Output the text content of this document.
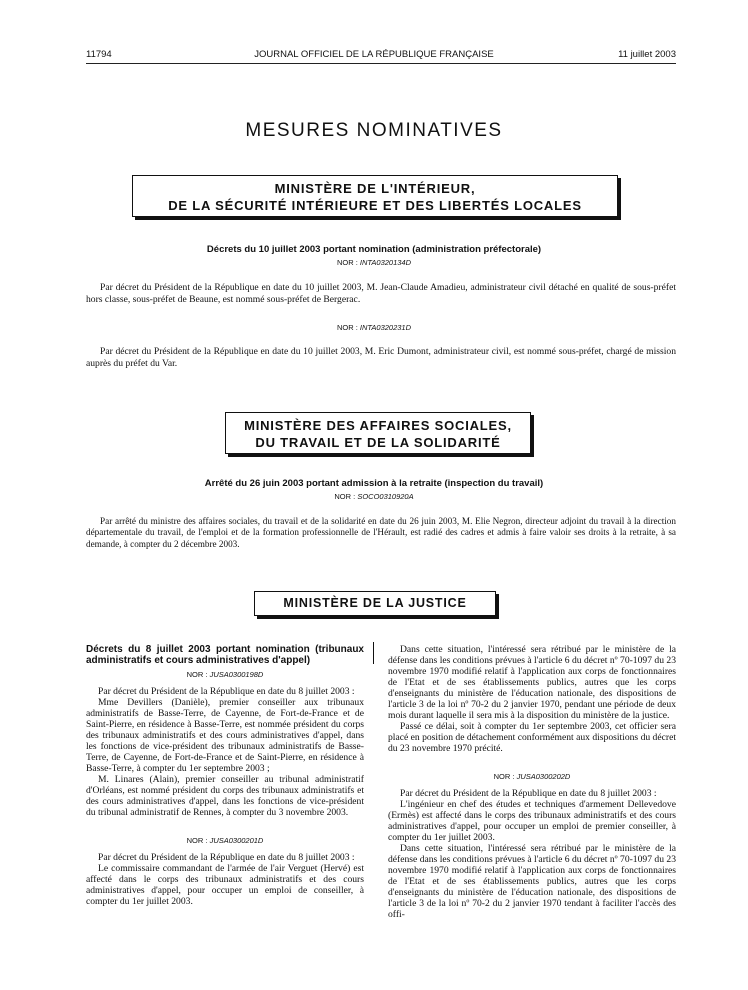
11794	JOURNAL OFFICIEL DE LA RÉPUBLIQUE FRANÇAISE	11 juillet 2003
MESURES NOMINATIVES
MINISTÈRE DE L'INTÉRIEUR,
DE LA SÉCURITÉ INTÉRIEURE ET DES LIBERTÉS LOCALES
Décrets du 10 juillet 2003 portant nomination (administration préfectorale)
NOR : INTA0320134D

Par décret du Président de la République en date du 10 juillet 2003, M. Jean-Claude Amadieu, administrateur civil détaché en qualité de sous-préfet hors classe, sous-préfet de Beaune, est nommé sous-préfet de Bergerac.

NOR : INTA0320231D

Par décret du Président de la République en date du 10 juillet 2003, M. Eric Dumont, administrateur civil, est nommé sous-préfet, chargé de mission auprès du préfet du Var.

MINISTÈRE DES AFFAIRES SOCIALES,
DU TRAVAIL ET DE LA SOLIDARITÉ
Arrêté du 26 juin 2003 portant admission à la retraite (inspection du travail)
NOR : SOCO0310920A

Par arrêté du ministre des affaires sociales, du travail et de la solidarité en date du 26 juin 2003, M. Elie Negron, directeur adjoint du travail à la direction départementale du travail, de l'emploi et de la formation professionnelle de l'Hérault, est radié des cadres et admis à faire valoir ses droits à la retraite, à sa demande, à compter du 2 décembre 2003.

MINISTÈRE DE LA JUSTICE

Décrets du 8 juillet 2003 portant nomination (tribunaux administratifs et cours administratives d'appel)

NOR : JUSA0300198D

Par décret du Président de la République en date du 8 juillet 2003 :

Mme Devillers (Danièle), premier conseiller aux tribunaux administratifs de Basse-Terre, de Cayenne, de Fort-de-France et de Saint-Pierre, en résidence à Basse-Terre, est nommée président du corps des tribunaux administratifs et des cours administratives d'appel, dans les fonctions de vice-président des tribunaux administratifs de Basse-Terre, de Cayenne, de Fort-de-France et de Saint-Pierre, en résidence à Basse-Terre, à compter du 1er septembre 2003 ;

M. Linares (Alain), premier conseiller au tribunal administratif d'Orléans, est nommé président du corps des tribunaux administratifs et des cours administratives d'appel, dans les fonctions de vice-président du tribunal administratif de Rennes, à compter du 3 novembre 2003.

NOR : JUSA0300201D

Par décret du Président de la République en date du 8 juillet 2003 :

Le commissaire commandant de l'armée de l'air Verguet (Hervé) est affecté dans le corps des tribunaux administratifs et des cours administratives d'appel, pour occuper un emploi de conseiller, à compter du 1er juillet 2003.

Dans cette situation, l'intéressé sera rétribué par le ministère de la défense dans les conditions prévues à l'article 6 du décret nº 70-1097 du 23 novembre 1970 modifié relatif à l'application aux corps de fonctionnaires de l'Etat et de ses établissements publics, autres que les corps d'enseignants du ministère de l'éducation nationale, des dispositions de l'article 3 de la loi nº 70-2 du 2 janvier 1970, pendant une période de deux mois durant laquelle il sera mis à la disposition du ministère de la justice.

Passé ce délai, soit à compter du 1er septembre 2003, cet officier sera placé en position de détachement conformément aux dispositions du décret du 23 novembre 1970 précité.

NOR : JUSA0300202D

Par décret du Président de la République en date du 8 juillet 2003 :

L'ingénieur en chef des études et techniques d'armement Dellevedove (Ermès) est affecté dans le corps des tribunaux administratifs et des cours administratives d'appel, pour occuper un emploi de premier conseiller, à compter du 1er juillet 2003.

Dans cette situation, l'intéressé sera rétribué par le ministère de la défense dans les conditions prévues à l'article 6 du décret nº 70-1097 du 23 novembre 1970 modifié relatif à l'application aux corps de fonctionnaires de l'Etat et de ses établissements publics, autres que les corps d'enseignants du ministère de l'éducation nationale, des dispositions de l'article 3 de la loi nº 70-2 du 2 janvier 1970 tendant à faciliter l'accès des offi-
